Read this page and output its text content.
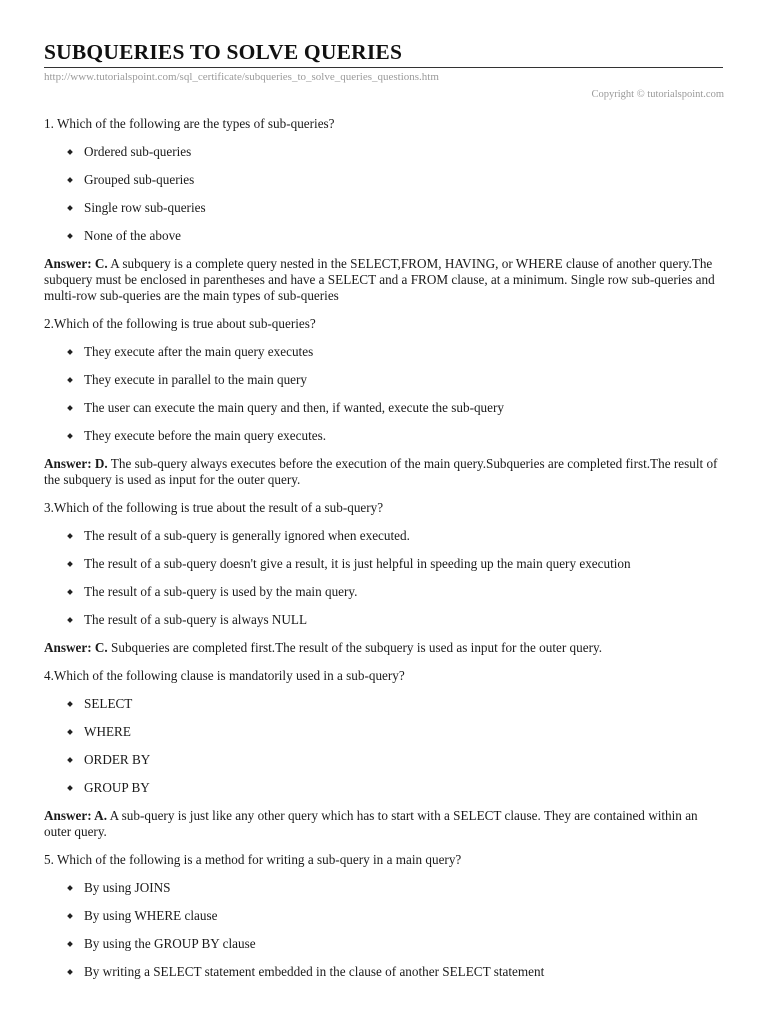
SUBQUERIES TO SOLVE QUERIES
http://www.tutorialspoint.com/sql_certificate/subqueries_to_solve_queries_questions.htm
Copyright © tutorialspoint.com

1. Which of the following are the types of sub-queries?

Ordered sub-queries
Grouped sub-queries
Single row sub-queries
None of the above

Answer: C. A subquery is a complete query nested in the SELECT,FROM, HAVING, or WHERE clause of another query.The subquery must be enclosed in parentheses and have a SELECT and a FROM clause, at a minimum. Single row sub-queries and multi-row sub-queries are the main types of sub-queries

2.Which of the following is true about sub-queries?

They execute after the main query executes
They execute in parallel to the main query
The user can execute the main query and then, if wanted, execute the sub-query
They execute before the main query executes.

Answer: D. The sub-query always executes before the execution of the main query.Subqueries are completed first.The result of the subquery is used as input for the outer query.

3.Which of the following is true about the result of a sub-query?

The result of a sub-query is generally ignored when executed.
The result of a sub-query doesn't give a result, it is just helpful in speeding up the main query execution
The result of a sub-query is used by the main query.
The result of a sub-query is always NULL

Answer: C. Subqueries are completed first.The result of the subquery is used as input for the outer query.

4.Which of the following clause is mandatorily used in a sub-query?

SELECT
WHERE
ORDER BY
GROUP BY

Answer: A. A sub-query is just like any other query which has to start with a SELECT clause. They are contained within an outer query.

5. Which of the following is a method for writing a sub-query in a main query?

By using JOINS
By using WHERE clause
By using the GROUP BY clause
By writing a SELECT statement embedded in the clause of another SELECT statement
